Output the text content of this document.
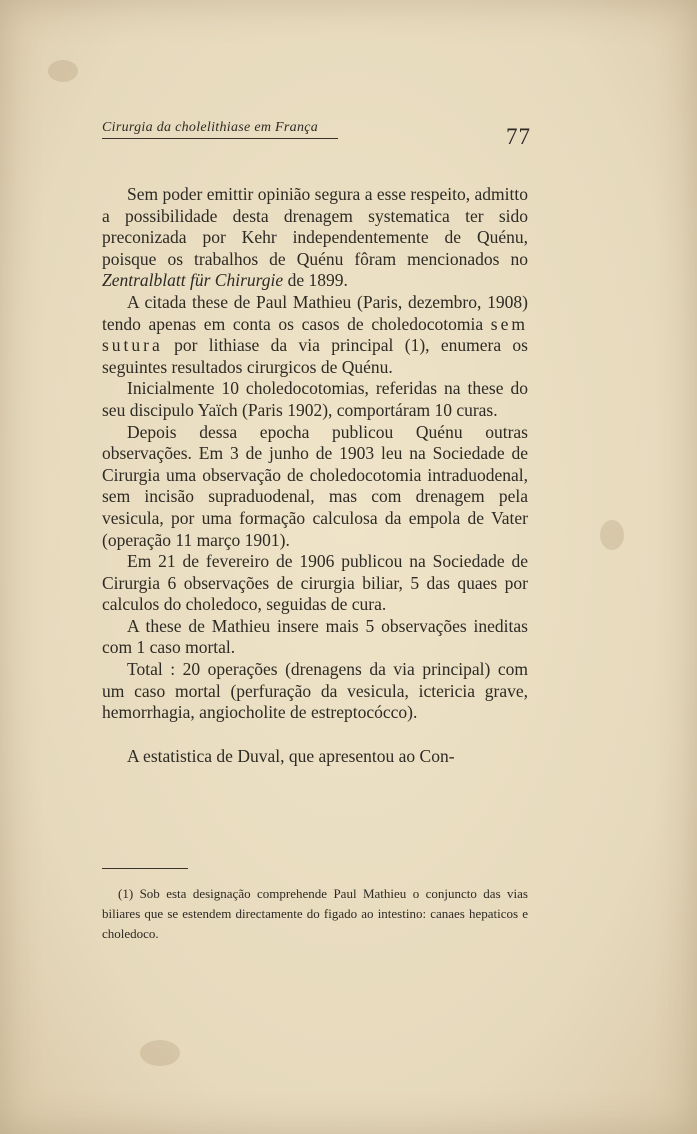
Cirurgia da cholelithiase em França	77

Sem poder emittir opinião segura a esse respeito, admitto a possibilidade desta drenagem systematica ter sido preconizada por Kehr independentemente de Quénu, poisque os trabalhos de Quénu fôram mencionados no Zentralblatt für Chirurgie de 1899.

A citada these de Paul Mathieu (Paris, dezembro, 1908) tendo apenas em conta os casos de choledocotomia sem sutura por lithiase da via principal (1), enumera os seguintes resultados cirurgicos de Quénu.

Inicialmente 10 choledocotomias, referidas na these do seu discipulo Yaïch (Paris 1902), comportáram 10 curas.

Depois dessa epocha publicou Quénu outras observações. Em 3 de junho de 1903 leu na Sociedade de Cirurgia uma observação de choledocotomia intraduodenal, sem incisão supraduodenal, mas com drenagem pela vesicula, por uma formação calculosa da empola de Vater (operação 11 março 1901).

Em 21 de fevereiro de 1906 publicou na Sociedade de Cirurgia 6 observações de cirurgia biliar, 5 das quaes por calculos do choledoco, seguidas de cura.

A these de Mathieu insere mais 5 observações ineditas com 1 caso mortal.

Total : 20 operações (drenagens da via principal) com um caso mortal (perfuração da vesicula, ictericia grave, hemorrhagia, angiocholite de estreptocócco).

A estatistica de Duval, que apresentou ao Con-

(1) Sob esta designação comprehende Paul Mathieu o conjuncto das vias biliares que se estendem directamente do figado ao intestino: canaes hepaticos e choledoco.
